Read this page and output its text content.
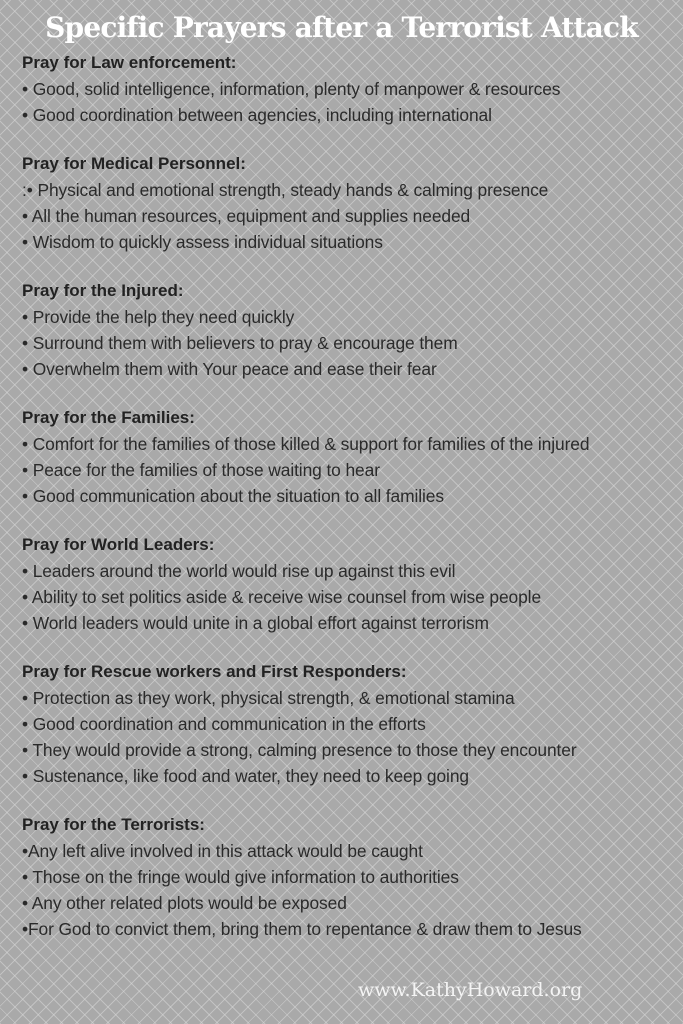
Specific Prayers after a Terrorist Attack
Pray for Law enforcement:
• Good, solid intelligence, information, plenty of manpower & resources
• Good coordination between agencies, including international
Pray for Medical Personnel:
:• Physical and emotional strength, steady hands & calming presence
• All the human resources, equipment and supplies needed
• Wisdom to quickly assess individual situations
Pray for the Injured:
• Provide the help they need quickly
• Surround them with believers to pray & encourage them
• Overwhelm them with Your peace and ease their fear
Pray for the Families:
• Comfort for the families of those killed & support for families of the injured
• Peace for the families of those waiting to hear
• Good communication about the situation to all families
Pray for World Leaders:
• Leaders around the world would rise up against this evil
• Ability to set politics aside & receive wise counsel from wise people
• World leaders would unite in a global effort against terrorism
Pray for Rescue workers and First Responders:
• Protection as they work, physical strength, & emotional stamina
• Good coordination and communication in the efforts
• They would provide a strong, calming presence to those they encounter
• Sustenance, like food and water, they need to keep going
Pray for the Terrorists:
•Any left alive involved in this attack would be caught
• Those on the fringe would give information to authorities
• Any other related plots would be exposed
•For God to convict them, bring them to repentance & draw them to Jesus
www.KathyHoward.org
